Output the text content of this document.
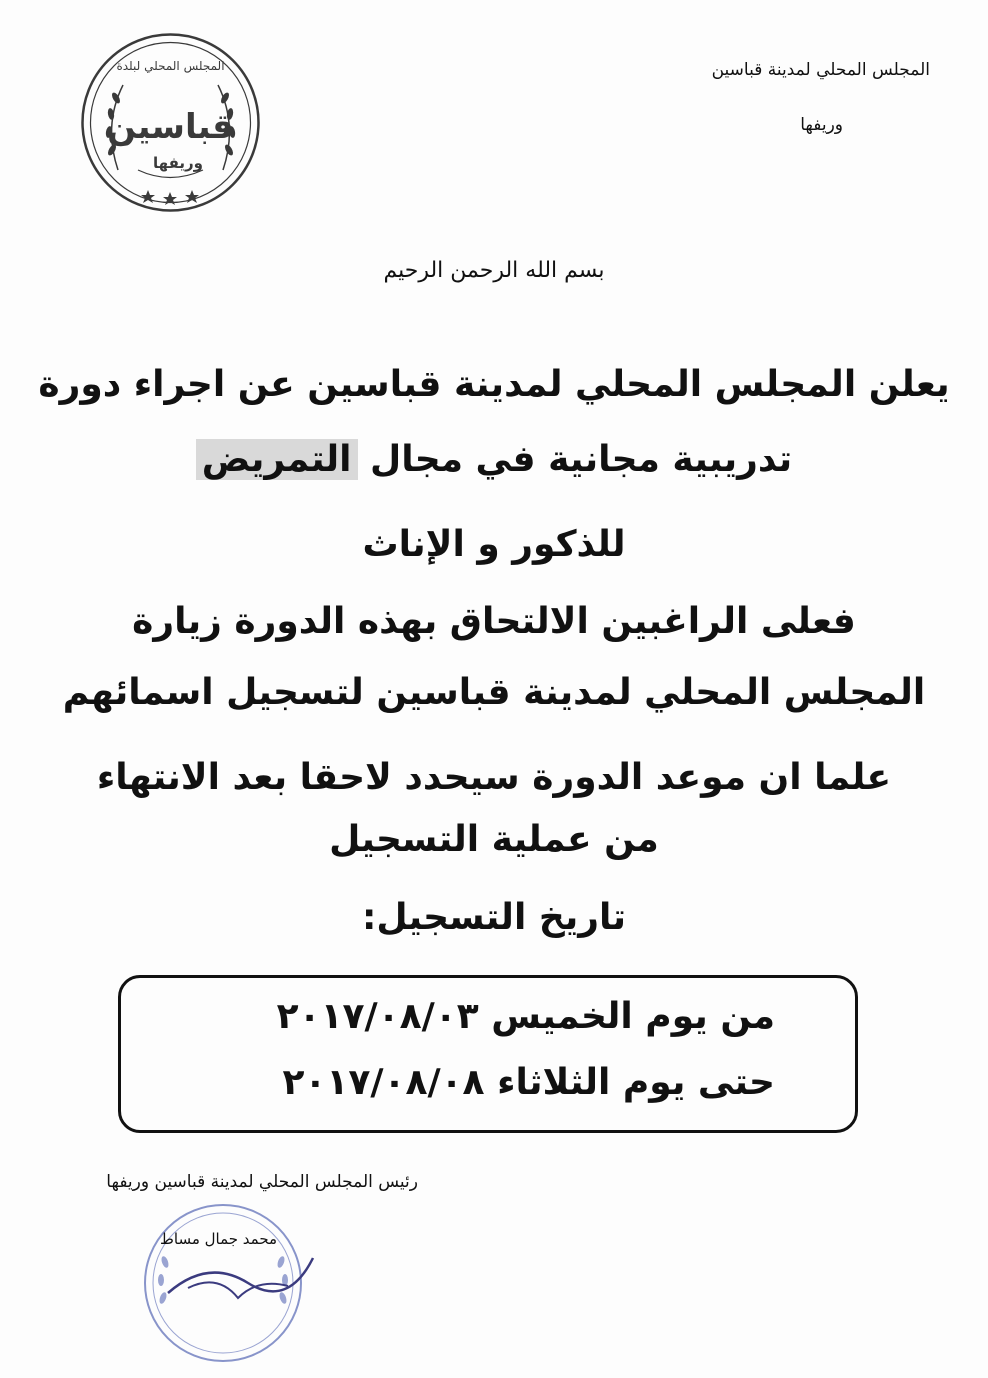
المجلس المحلي لمدينة قباسين
وريفها
المجلس المحلي لبلدة
قباسين
وريفها
بسم الله الرحمن الرحيم
يعلن المجلس المحلي لمدينة قباسين عن اجراء دورة
تدريبية مجانية في مجال التمريض
للذكور و الإناث
فعلى الراغبين الالتحاق بهذه الدورة زيارة
المجلس المحلي لمدينة قباسين لتسجيل اسمائهم
علما ان موعد الدورة سيحدد لاحقا بعد الانتهاء
من عملية التسجيل
تاريخ التسجيل:
من يوم الخميس ٢٠١٧/٠٨/٠٣
حتى يوم الثلاثاء ٢٠١٧/٠٨/٠٨
رئيس المجلس المحلي لمدينة قباسين وريفها
محمد جمال مساط
